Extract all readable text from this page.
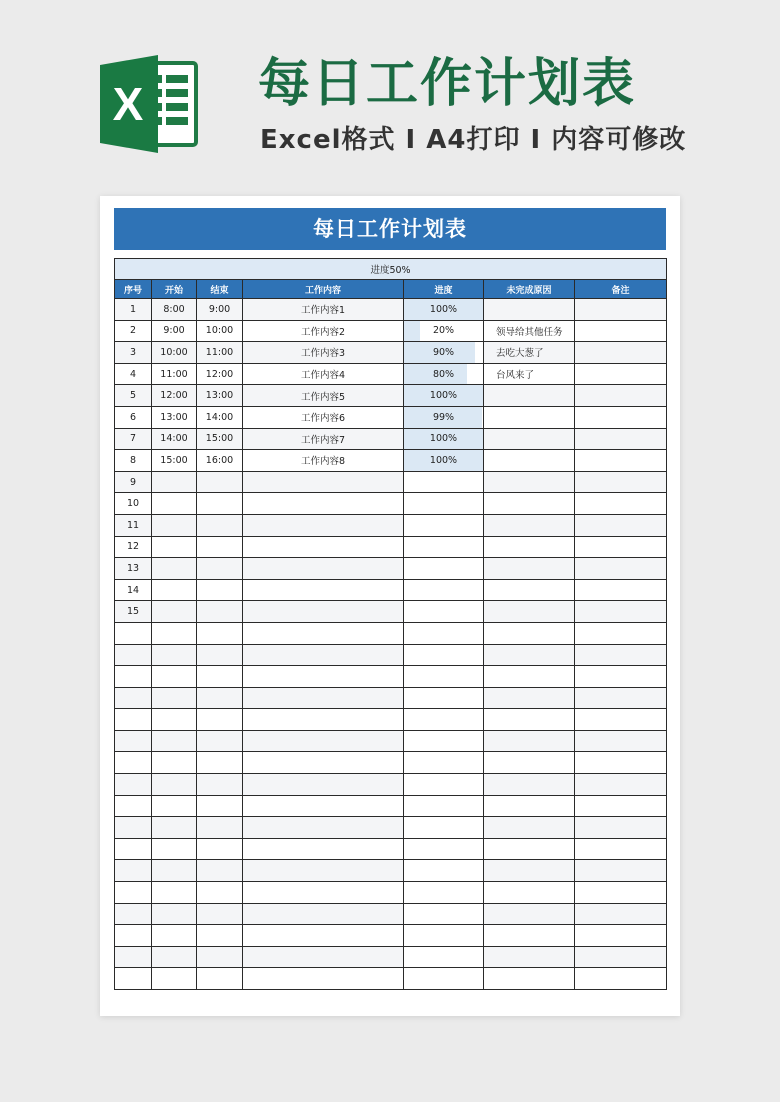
X 每日工作计划表
Excel格式 I A4打印 I 内容可修改
每日工作计划表
进度50%						
序号	开始	结束	工作内容	进度	未完成原因	备注
1	8:00	9:00	工作内容1	100%		
2	9:00	10:00	工作内容2	20%	领导给其他任务	
3	10:00	11:00	工作内容3	90%	去吃大葱了	
4	11:00	12:00	工作内容4	80%	台风来了	
5	12:00	13:00	工作内容5	100%		
6	13:00	14:00	工作内容6	99%		
7	14:00	15:00	工作内容7	100%		
8	15:00	16:00	工作内容8	100%		
9				

10				

11				

12				

13				

14				

15				
